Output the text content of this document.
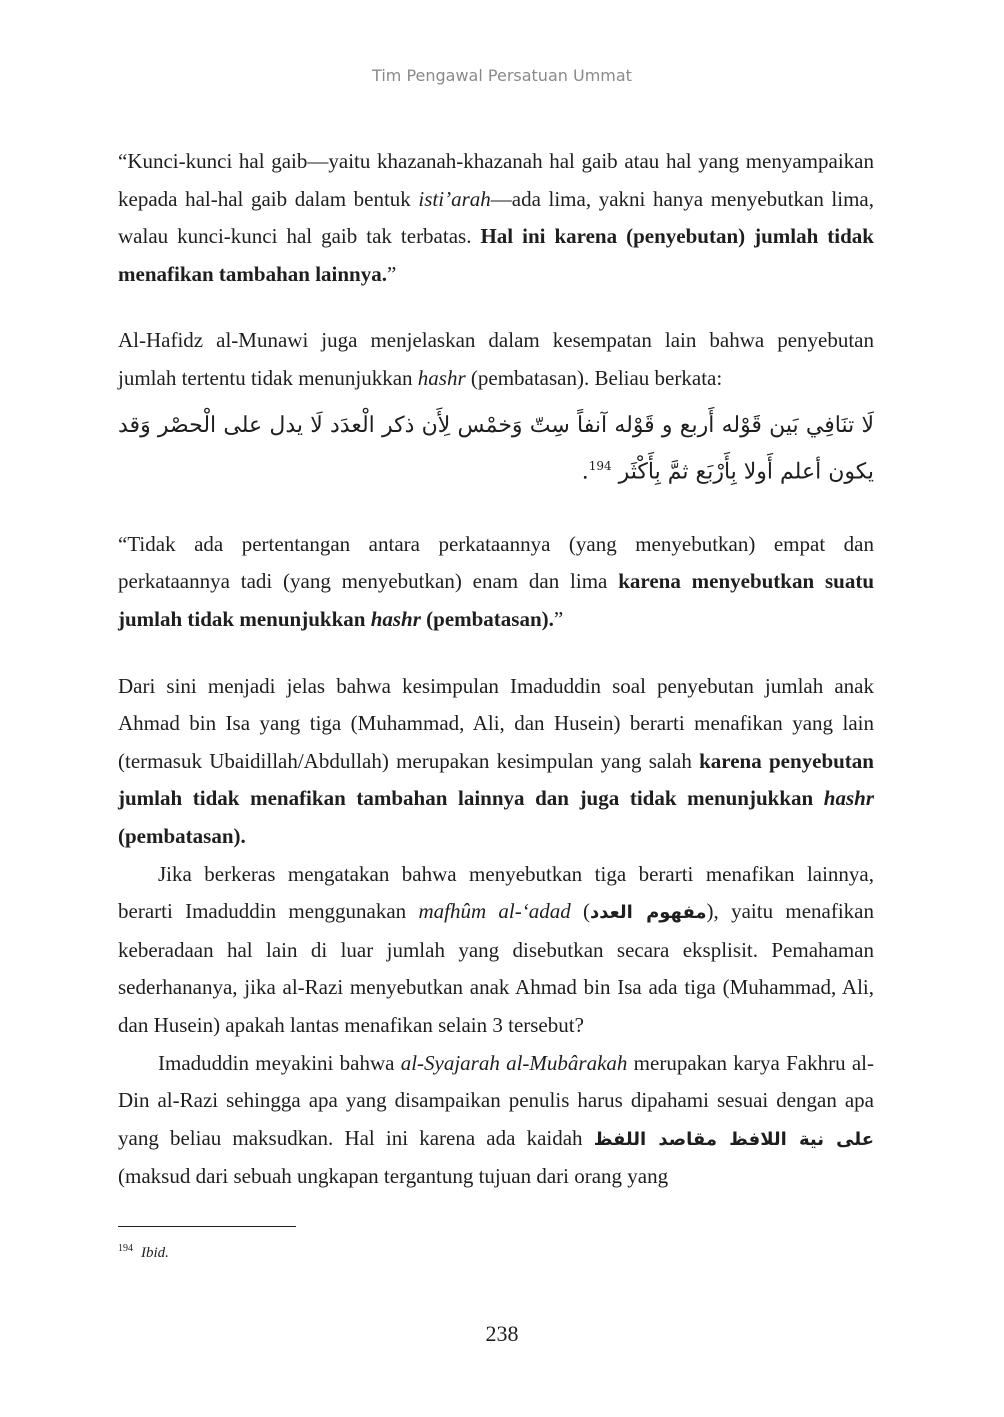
Tim Pengawal Persatuan Ummat
“Kunci-kunci hal gaib—yaitu khazanah-khazanah hal gaib atau hal yang menyampaikan kepada hal-hal gaib dalam bentuk isti’arah—ada lima, yakni hanya menyebutkan lima, walau kunci-kunci hal gaib tak terbatas. Hal ini karena (penyebutan) jumlah tidak menafikan tambahan lainnya.”
Al-Hafidz al-Munawi juga menjelaskan dalam kesempatan lain bahwa penyebutan jumlah tertentu tidak menunjukkan hashr (pembatasan). Beliau berkata:
لَا تنَافِي بَين قَوْله أَربع و قَوْله آنفاً سِتّ وَخمْس لِأَن ذكر الْعدَد لَا يدل على الْحصْر وَقد يكون أعلم أَولا بِأَرْبَع ثمَّ بِأَكْثَر $^{194}$.
“Tidak ada pertentangan antara perkataannya (yang menyebutkan) empat dan perkataannya tadi (yang menyebutkan) enam dan lima karena menyebutkan suatu jumlah tidak menunjukkan hashr (pembatasan).”
Dari sini menjadi jelas bahwa kesimpulan Imaduddin soal penyebutan jumlah anak Ahmad bin Isa yang tiga (Muhammad, Ali, dan Husein) berarti menafikan yang lain (termasuk Ubaidillah/Abdullah) merupakan kesimpulan yang salah karena penyebutan jumlah tidak menafikan tambahan lainnya dan juga tidak menunjukkan hashr (pembatasan).
Jika berkeras mengatakan bahwa menyebutkan tiga berarti menafikan lainnya, berarti Imaduddin menggunakan mafhûm al-‘adad (مفهوم العدد), yaitu menafikan keberadaan hal lain di luar jumlah yang disebutkan secara eksplisit. Pemahaman sederhananya, jika al-Razi menyebutkan anak Ahmad bin Isa ada tiga (Muhammad, Ali, dan Husein) apakah lantas menafikan selain 3 tersebut?
Imaduddin meyakini bahwa al-Syajarah al-Mubârakah merupakan karya Fakhru al-Din al-Razi sehingga apa yang disampaikan penulis harus dipahami sesuai dengan apa yang beliau maksudkan. Hal ini karena ada kaidah على نية اللافظ مقاصد اللفظ (maksud dari sebuah ungkapan tergantung tujuan dari orang yang
$^{194}$ Ibid.
238
